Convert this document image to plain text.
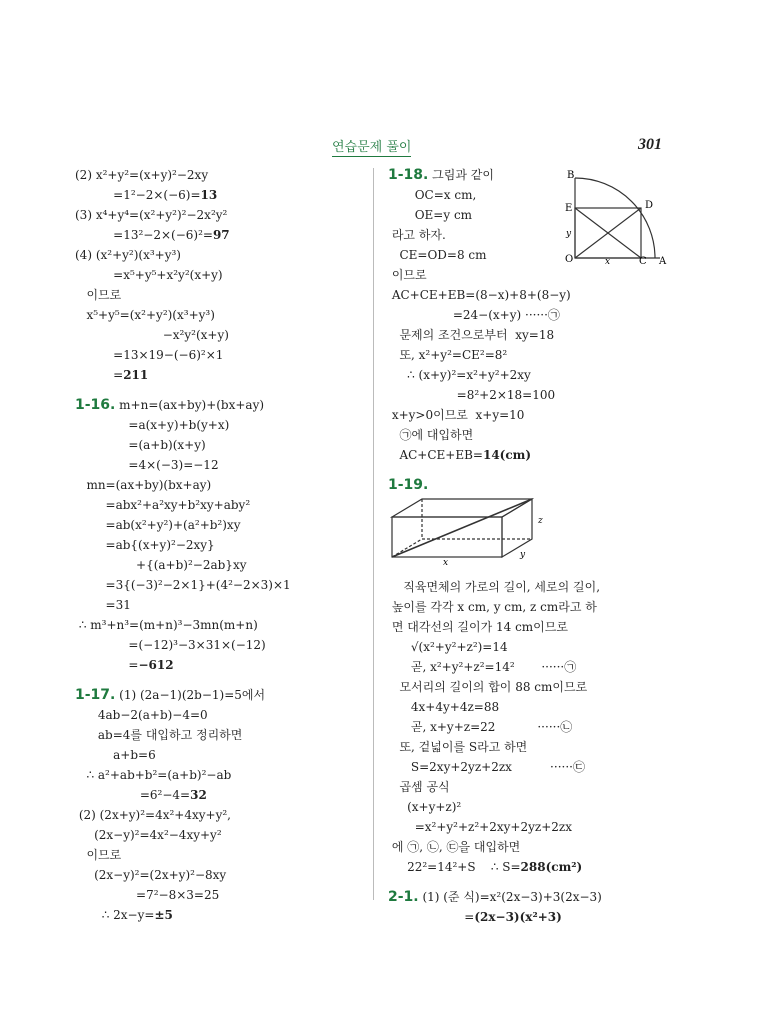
연습문제 풀이	301
(2) x²+y²=(x+y)²−2xy
=1²−2×(−6)=13
(3) x⁴+y⁴=(x²+y²)²−2x²y²
=13²−2×(−6)²=97
(4) (x²+y²)(x³+y³)
=x⁵+y⁵+x²y²(x+y)
이므로
x⁵+y⁵=(x²+y²)(x³+y³)
−x²y²(x+y)
=13×19−(−6)²×1
=211
1-16. m+n=(ax+by)+(bx+ay)
=a(x+y)+b(y+x)
=(a+b)(x+y)
=4×(−3)=−12
mn=(ax+by)(bx+ay)
=abx²+a²xy+b²xy+aby²
=ab(x²+y²)+(a²+b²)xy
=ab{(x+y)²−2xy}
+{(a+b)²−2ab}xy
=3{(−3)²−2×1}+(4²−2×3)×1
=31
∴ m³+n³=(m+n)³−3mn(m+n)
=(−12)³−3×31×(−12)
=−612
1-17. (1) (2a−1)(2b−1)=5에서
4ab−2(a+b)−4=0
ab=4를 대입하고 정리하면
a+b=6
∴ a²+ab+b²=(a+b)²−ab
=6²−4=32
(2) (2x+y)²=4x²+4xy+y²,
(2x−y)²=4x²−4xy+y²
이므로
(2x−y)²=(2x+y)²−8xy
=7²−8×3=25
∴ 2x−y=±5
1-18. 그림과 같이
OC=x cm,
OE=y cm
라고 하자.
CE=OD=8 cm
이므로
AC+CE+EB=(8−x)+8+(8−y)
=24−(x+y) ······㉠
문제의 조건으로부터  xy=18
또, x²+y²=CE²=8²
∴ (x+y)²=x²+y²+2xy
=8²+2×18=100
x+y>0이므로  x+y=10
㉠에 대입하면
AC+CE+EB=14(cm)
1-19.
x
y
z
직육면체의 가로의 길이, 세로의 길이,
높이를 각각 x cm, y cm, z cm라고 하
면 대각선의 길이가 14 cm이므로
√(x²+y²+z²)=14
곧, x²+y²+z²=14²       ······㉠
모서리의 길이의 합이 88 cm이므로
4x+4y+4z=88
곧, x+y+z=22           ······㉡
또, 겉넓이를 S라고 하면
S=2xy+2yz+2zx          ······㉢
곱셈 공식
(x+y+z)²
=x²+y²+z²+2xy+2yz+2zx
에 ㉠, ㉡, ㉢을 대입하면
22²=14²+S    ∴ S=288(cm²)
2-1. (1) (준 식)=x²(2x−3)+3(2x−3)
=(2x−3)(x²+3)
B
E	D
O	C A
x
y
